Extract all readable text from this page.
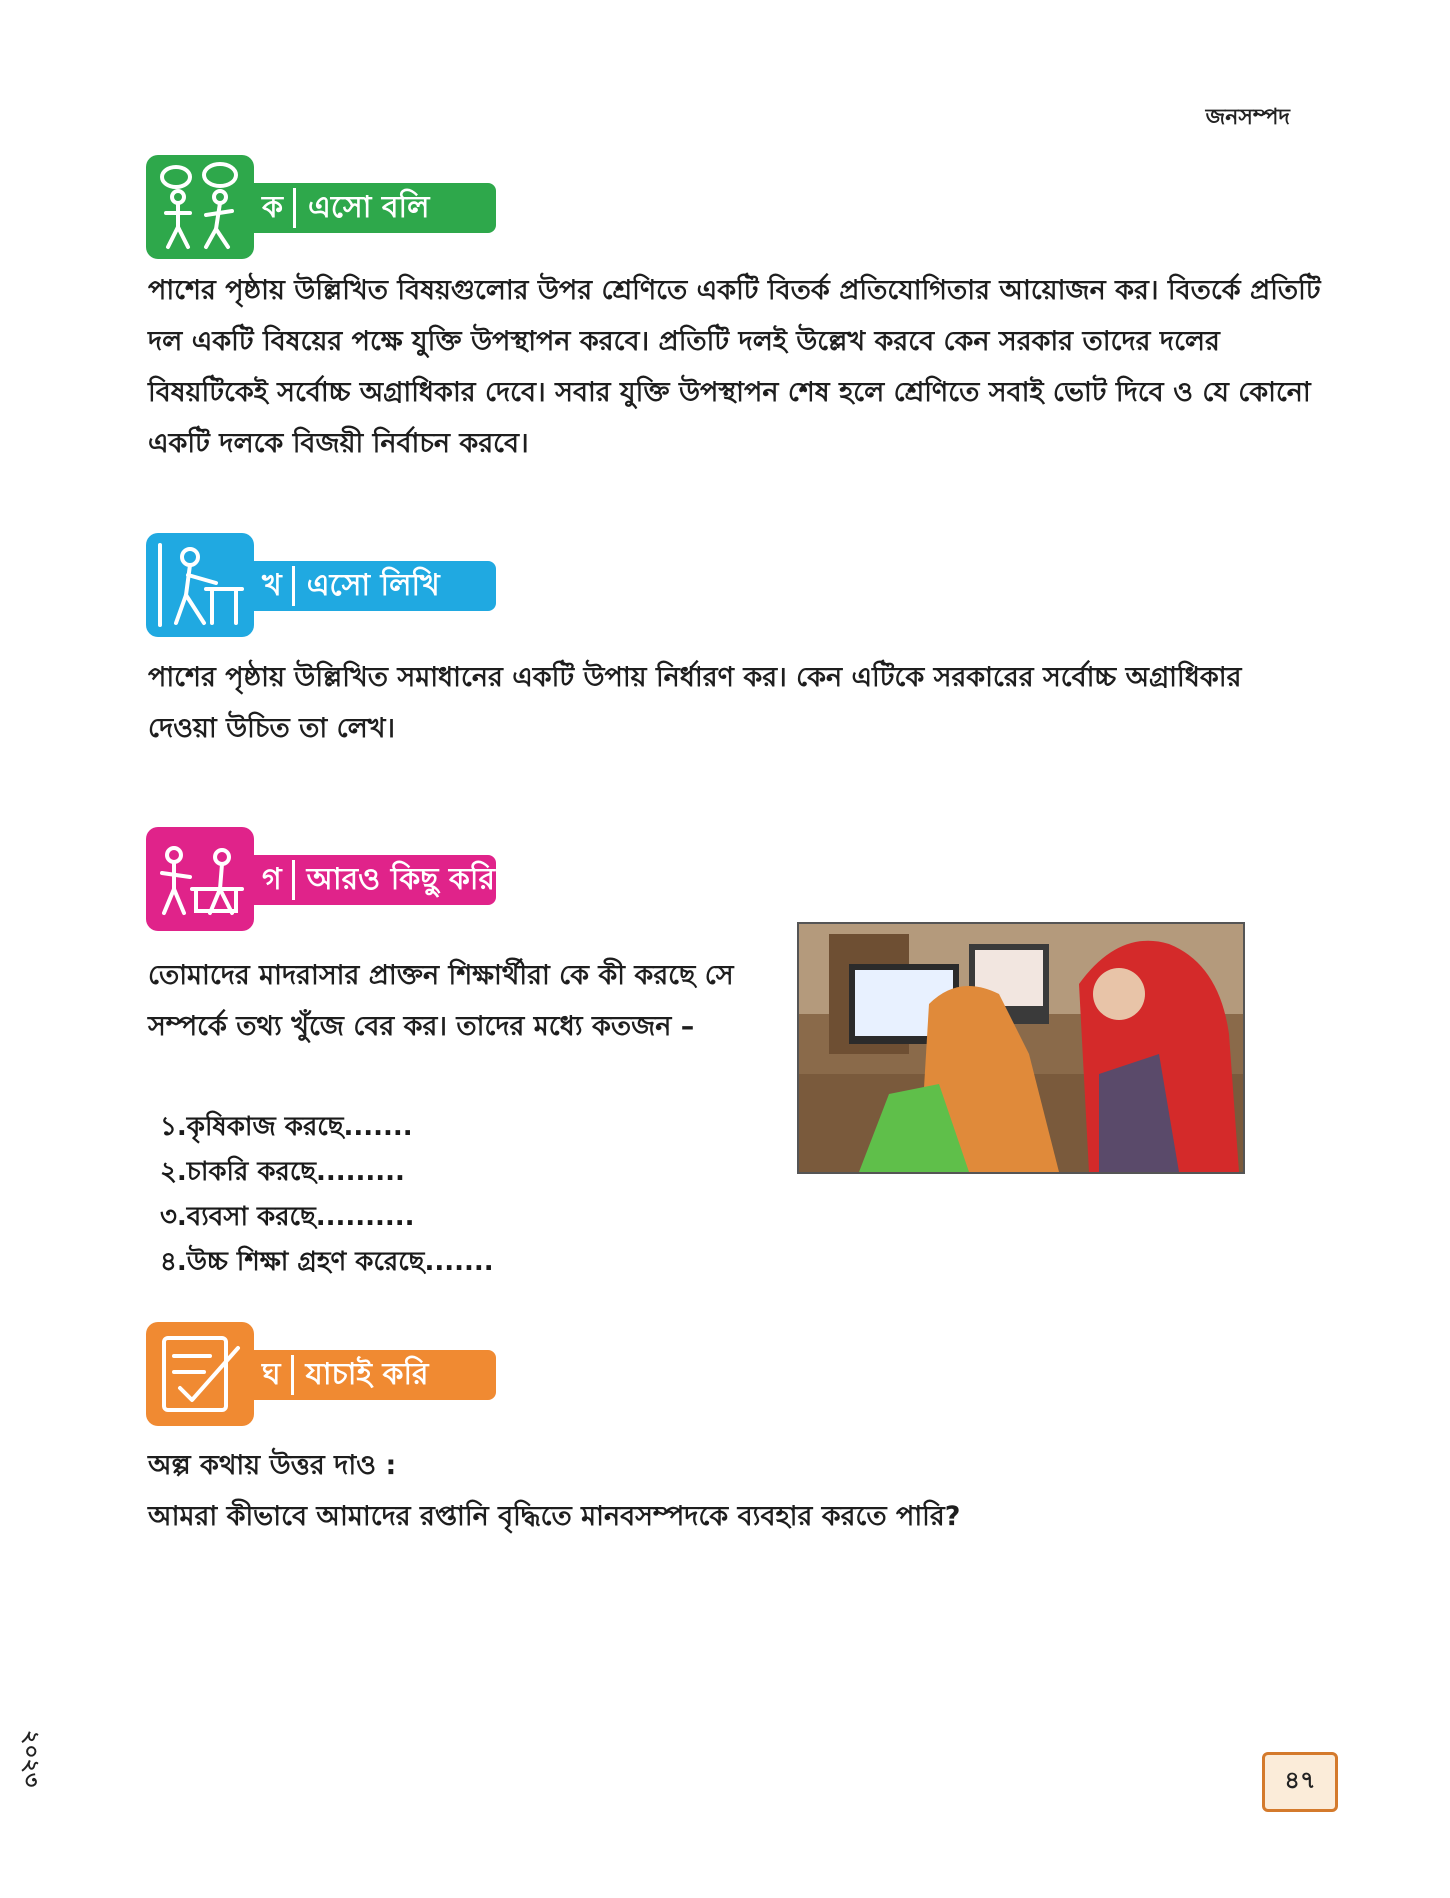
জনসম্পদ
ক এসো বলি
পাশের পৃষ্ঠায় উল্লিখিত বিষয়গুলোর উপর শ্রেণিতে একটি বিতর্ক প্রতিযোগিতার আয়োজন কর। বিতর্কে প্রতিটি দল একটি বিষয়ের পক্ষে যুক্তি উপস্থাপন করবে। প্রতিটি দলই উল্লেখ করবে কেন সরকার তাদের দলের বিষয়টিকেই সর্বোচ্চ অগ্রাধিকার দেবে। সবার যুক্তি উপস্থাপন শেষ হলে শ্রেণিতে সবাই ভোট দিবে ও যে কোনো একটি দলকে বিজয়ী নির্বাচন করবে।
খ এসো লিখি
পাশের পৃষ্ঠায় উল্লিখিত সমাধানের একটি উপায় নির্ধারণ কর। কেন এটিকে সরকারের সর্বোচ্চ অগ্রাধিকার দেওয়া উচিত তা লেখ।
গ আরও কিছু করি
তোমাদের মাদরাসার প্রাক্তন শিক্ষার্থীরা কে কী করছে সে সম্পর্কে তথ্য খুঁজে বের কর। তাদের মধ্যে কতজন –
১.কৃষিকাজ করছে.......
২.চাকরি করছে.........
৩.ব্যবসা করছে..........
৪.উচ্চ শিক্ষা গ্রহণ করেছে.......
ঘ যাচাই করি
অল্প কথায় উত্তর দাও :
আমরা কীভাবে আমাদের রপ্তানি বৃদ্ধিতে মানবসম্পদকে ব্যবহার করতে পারি?
২০২৩	৪৭
